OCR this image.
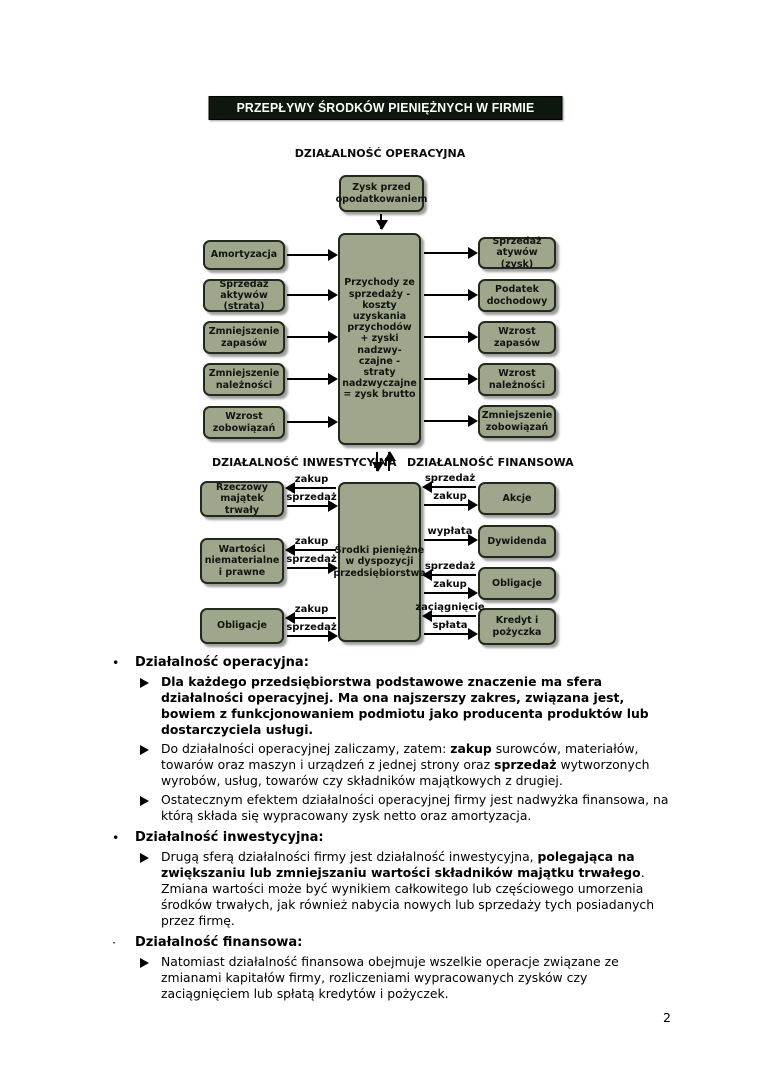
PRZEPŁYWY ŚRODKÓW PIENIĘŻNYCH W FIRMIE
DZIAŁALNOŚĆ OPERACYJNA
Zysk przed opodatkowaniem
Przychody ze sprzedaży - koszty uzyskania przychodów + zyski nadzwy-czajne - straty nadzwyczajne = zysk brutto
Amortyzacja
Sprzedaż aktywów (strata)
Zmniejszenie zapasów
Zmniejszenie należności
Wzrost zobowiązań
Sprzedaż atywów (zysk)
Podatek dochodowy
Wzrost zapasów
Wzrost należności
Zmniejszenie zobowiązań
DZIAŁALNOŚĆ INWESTYCYJNA DZIAŁALNOŚĆ FINANSOWA
Środki pieniężne w dyspozycji przedsiębiorstwa
Rzeczowy majątek trwały
Wartości niematerialne i prawne
Obligacje
Akcje
Dywidenda
Obligacje
Kredyt i pożyczka
zakup
sprzedaż
zakup
sprzedaż
zakup
sprzedaż
sprzedaż
zakup
wypłata
sprzedaż
zakup
zaciągnięcie
spłata
•	Działalność operacyjna:
Dla każdego przedsiębiorstwa podstawowe znaczenie ma sfera działalności operacyjnej. Ma ona najszerszy zakres, związana jest, bowiem z funkcjonowaniem podmiotu jako producenta produktów lub dostarczyciela usługi.
Do działalności operacyjnej zaliczamy, zatem: zakup surowców, materiałów, towarów oraz maszyn i urządzeń z jednej strony oraz sprzedaż wytworzonych wyrobów, usług, towarów czy składników majątkowych z drugiej.
Ostatecznym efektem działalności operacyjnej firmy jest nadwyżka finansowa, na którą składa się wypracowany zysk netto oraz amortyzacja.
•	Działalność inwestycyjna:
Drugą sferą działalności firmy jest działalność inwestycyjna, polegająca na zwiększaniu lub zmniejszaniu wartości składników majątku trwałego. Zmiana wartości może być wynikiem całkowitego lub częściowego umorzenia środków trwałych, jak również nabycia nowych lub sprzedaży tych posiadanych przez firmę.
·	Działalność finansowa:
Natomiast działalność finansowa obejmuje wszelkie operacje związane ze zmianami kapitałów firmy, rozliczeniami wypracowanych zysków czy zaciągnięciem lub spłatą kredytów i pożyczek.
2
